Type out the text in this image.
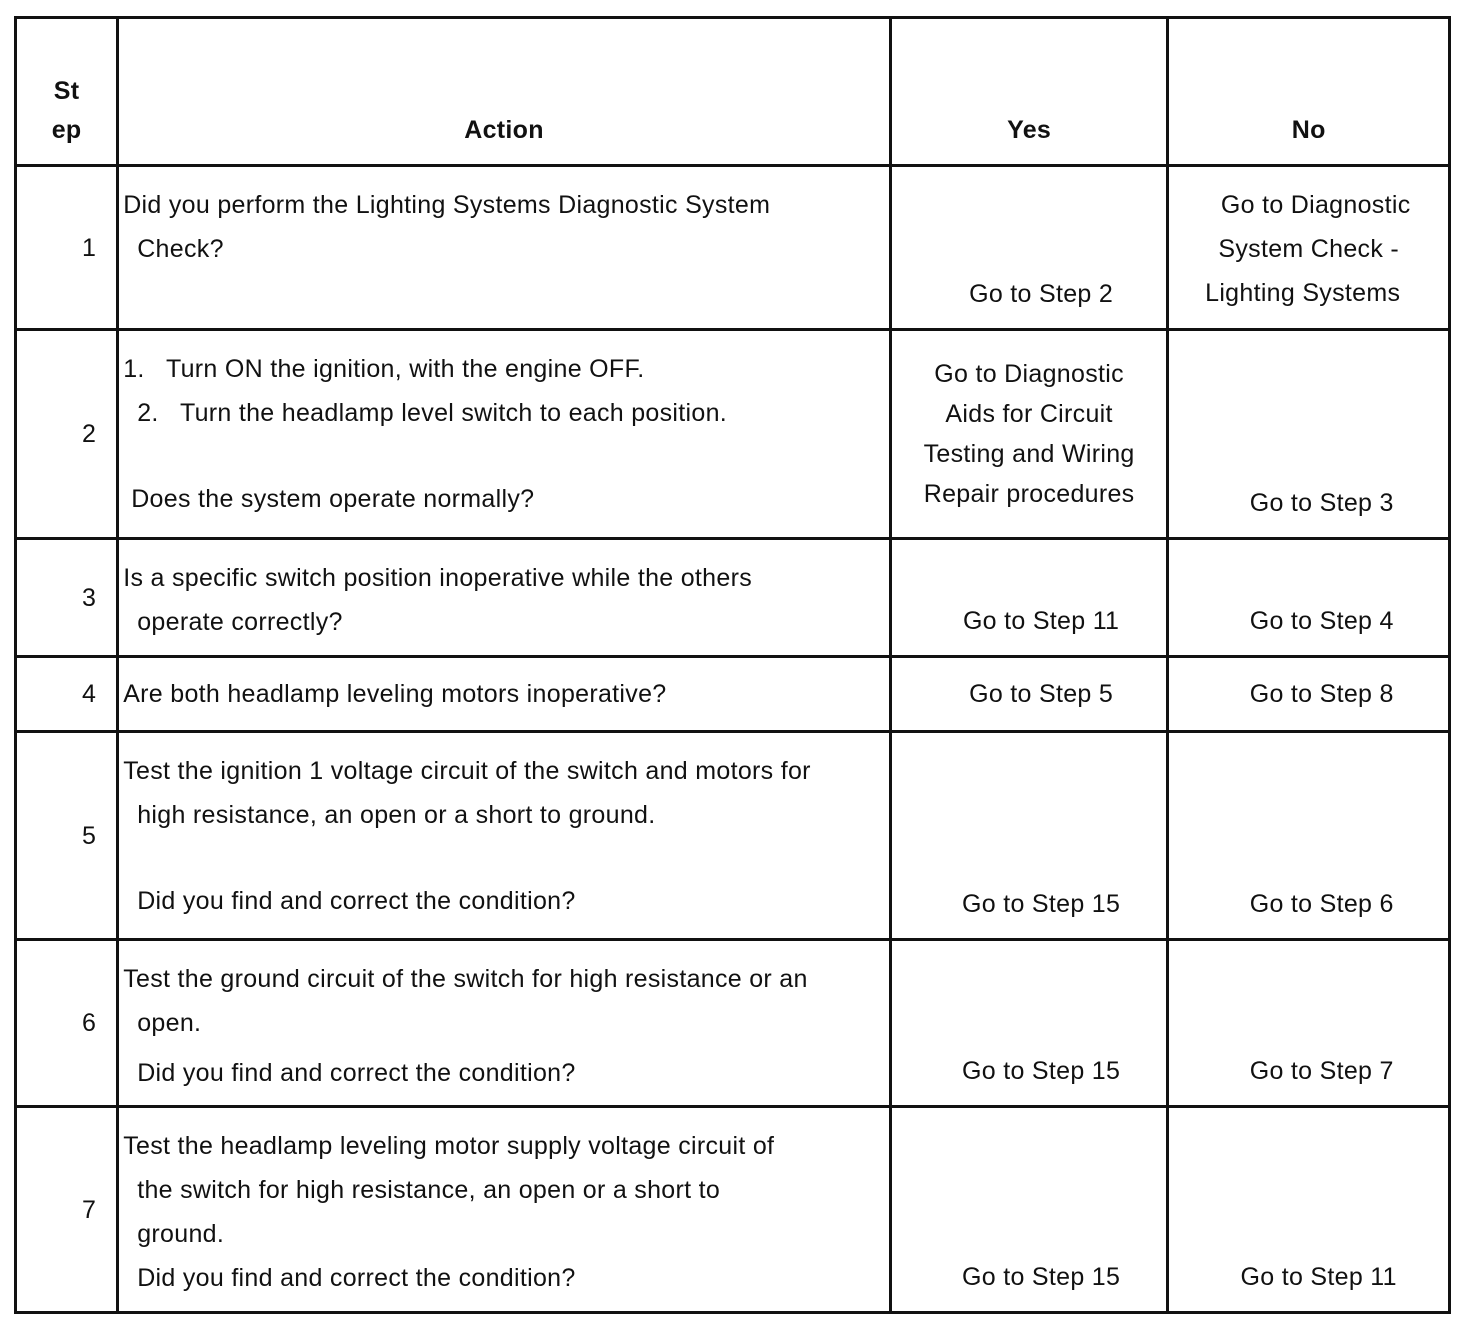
St
ep	Action	Yes	No
1	Did you perform the Lighting Systems Diagnostic System
Check?	Go to Step 2	Go to Diagnostic
System Check -
Lighting Systems

2	1.   Turn ON the ignition, with the engine OFF.
2.   Turn the headlamp level switch to each position.
Does the system operate normally?	Go to Diagnostic
Aids for Circuit
Testing and Wiring
Repair procedures	Go to Step 3

3	Is a specific switch position inoperative while the others
operate correctly?	Go to Step 11	Go to Step 4

4	Are both headlamp leveling motors inoperative?	Go to Step 5	Go to Step 8

5	Test the ignition 1 voltage circuit of the switch and motors for
high resistance, an open or a short to ground.
Did you find and correct the condition?	Go to Step 15	Go to Step 6

6	Test the ground circuit of the switch for high resistance or an
open.
Did you find and correct the condition?	Go to Step 15	Go to Step 7

7	Test the headlamp leveling motor supply voltage circuit of
the switch for high resistance, an open or a short to
ground.
Did you find and correct the condition?	Go to Step 15	Go to Step 11
